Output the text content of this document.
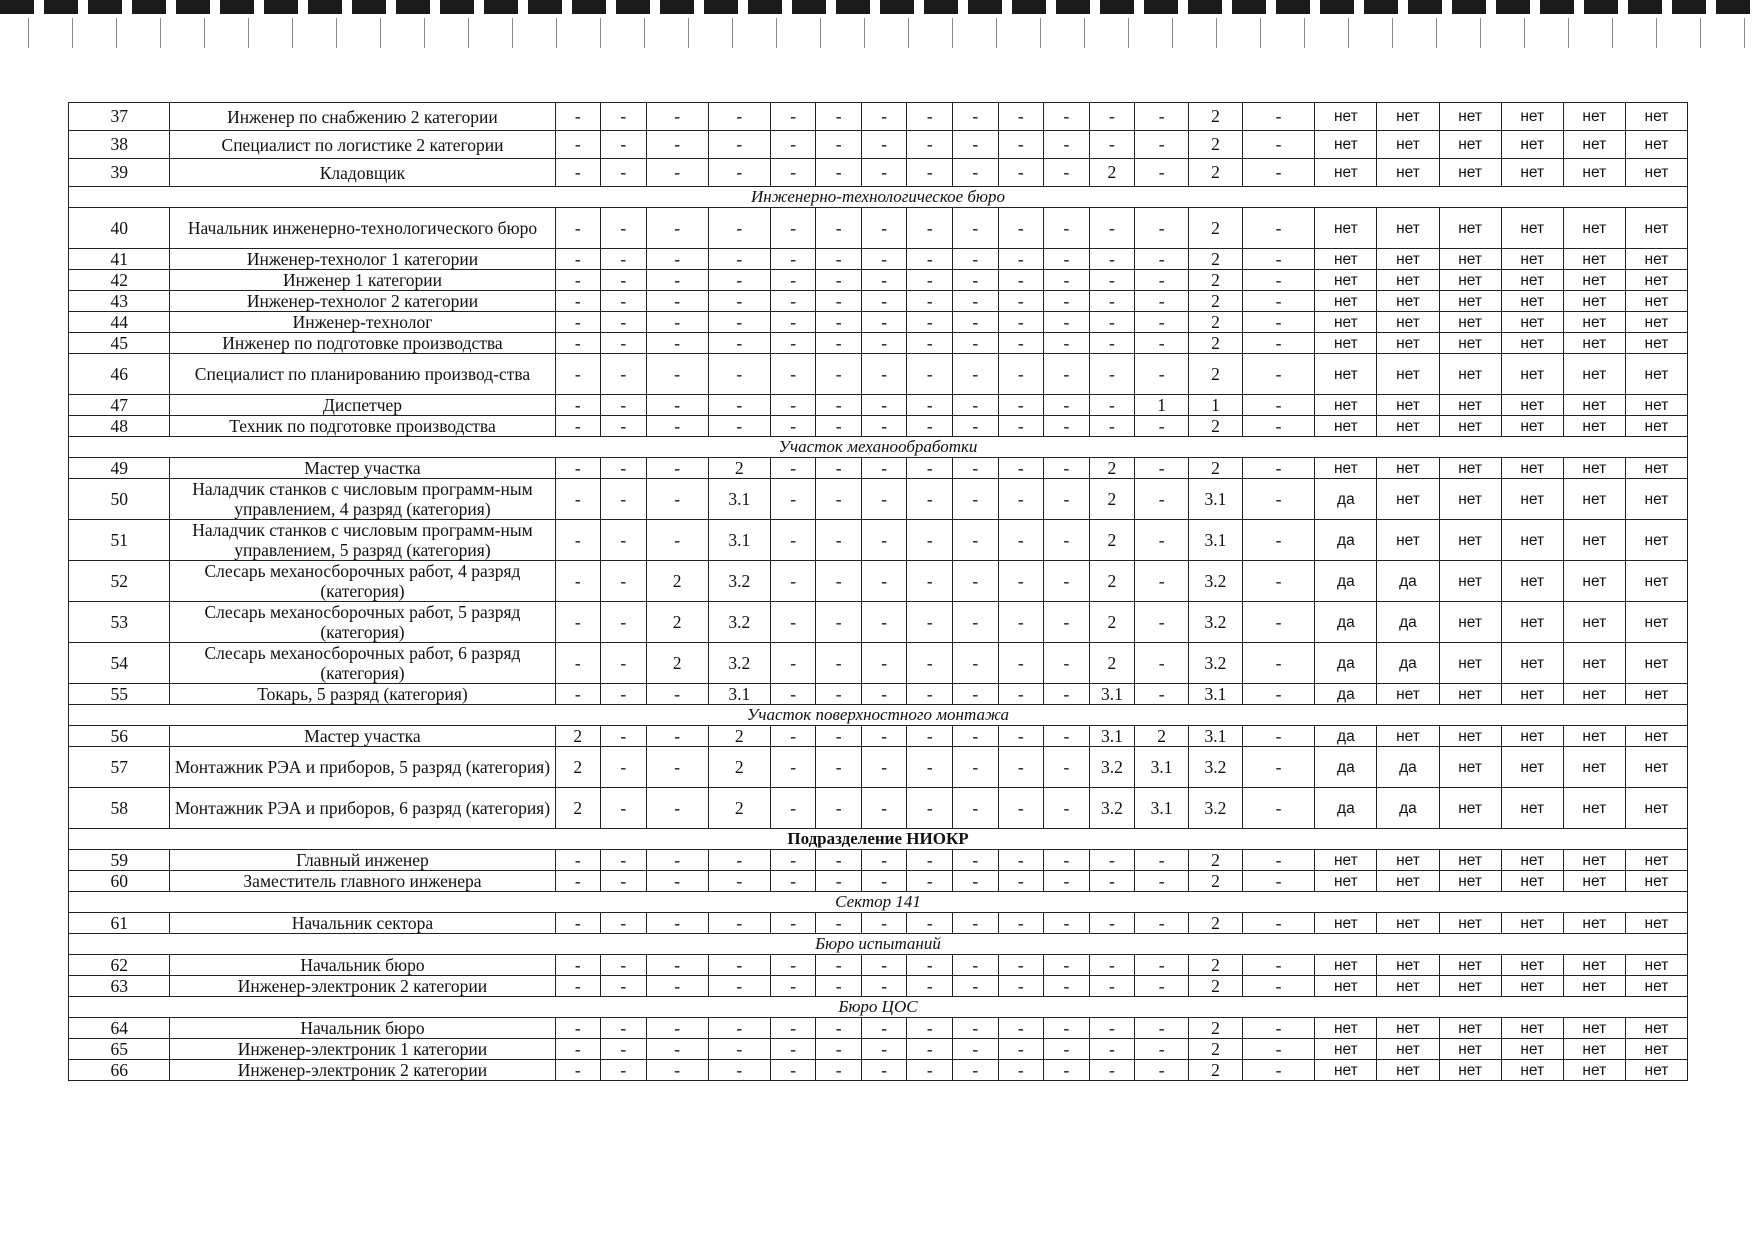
37	Инженер по снабжению 2 категории	-	-	-	-	-	-	-	-	-	-	-	-	-	2	-	нет	нет	нет	нет	нет	нет
38	Специалист по логистике 2 категории	-	-	-	-	-	-	-	-	-	-	-	-	-	2	-	нет	нет	нет	нет	нет	нет
39	Кладовщик	-	-	-	-	-	-	-	-	-	-	-	2	-	2	-	нет	нет	нет	нет	нет	нет
Инженерно-технологическое бюро																						
40	Начальник инженерно-технологического бюро	-	-	-	-	-	-	-	-	-	-	-	-	-	2	-	нет	нет	нет	нет	нет	нет
41	Инженер-технолог 1 категории	-	-	-	-	-	-	-	-	-	-	-	-	-	2	-	нет	нет	нет	нет	нет	нет
42	Инженер 1 категории	-	-	-	-	-	-	-	-	-	-	-	-	-	2	-	нет	нет	нет	нет	нет	нет
43	Инженер-технолог 2 категории	-	-	-	-	-	-	-	-	-	-	-	-	-	2	-	нет	нет	нет	нет	нет	нет
44	Инженер-технолог	-	-	-	-	-	-	-	-	-	-	-	-	-	2	-	нет	нет	нет	нет	нет	нет
45	Инженер по подготовке производства	-	-	-	-	-	-	-	-	-	-	-	-	-	2	-	нет	нет	нет	нет	нет	нет
46	Специалист по планированию производ-ства	-	-	-	-	-	-	-	-	-	-	-	-	-	2	-	нет	нет	нет	нет	нет	нет
47	Диспетчер	-	-	-	-	-	-	-	-	-	-	-	-	1	1	-	нет	нет	нет	нет	нет	нет
48	Техник по подготовке производства	-	-	-	-	-	-	-	-	-	-	-	-	-	2	-	нет	нет	нет	нет	нет	нет
Участок механообработки																						
49	Мастер участка	-	-	-	2	-	-	-	-	-	-	-	2	-	2	-	нет	нет	нет	нет	нет	нет
50	Наладчик станков с числовым программ-ным управлением, 4 разряд (категория)	-	-	-	3.1	-	-	-	-	-	-	-	2	-	3.1	-	да	нет	нет	нет	нет	нет
51	Наладчик станков с числовым программ-ным управлением, 5 разряд (категория)	-	-	-	3.1	-	-	-	-	-	-	-	2	-	3.1	-	да	нет	нет	нет	нет	нет
52	Слесарь механосборочных работ, 4 разряд (категория)	-	-	2	3.2	-	-	-	-	-	-	-	2	-	3.2	-	да	да	нет	нет	нет	нет
53	Слесарь механосборочных работ, 5 разряд (категория)	-	-	2	3.2	-	-	-	-	-	-	-	2	-	3.2	-	да	да	нет	нет	нет	нет
54	Слесарь механосборочных работ, 6 разряд (категория)	-	-	2	3.2	-	-	-	-	-	-	-	2	-	3.2	-	да	да	нет	нет	нет	нет
55	Токарь, 5 разряд (категория)	-	-	-	3.1	-	-	-	-	-	-	-	3.1	-	3.1	-	да	нет	нет	нет	нет	нет
Участок поверхностного монтажа																						
56	Мастер участка	2	-	-	2	-	-	-	-	-	-	-	3.1	2	3.1	-	да	нет	нет	нет	нет	нет
57	Монтажник РЭА и приборов, 5 разряд (категория)	2	-	-	2	-	-	-	-	-	-	-	3.2	3.1	3.2	-	да	да	нет	нет	нет	нет
58	Монтажник РЭА и приборов, 6 разряд (категория)	2	-	-	2	-	-	-	-	-	-	-	3.2	3.1	3.2	-	да	да	нет	нет	нет	нет
Подразделение НИОКР																						
59	Главный инженер	-	-	-	-	-	-	-	-	-	-	-	-	-	2	-	нет	нет	нет	нет	нет	нет
60	Заместитель главного инженера	-	-	-	-	-	-	-	-	-	-	-	-	-	2	-	нет	нет	нет	нет	нет	нет
Сектор 141																						
61	Начальник сектора	-	-	-	-	-	-	-	-	-	-	-	-	-	2	-	нет	нет	нет	нет	нет	нет
Бюро испытаний																						
62	Начальник бюро	-	-	-	-	-	-	-	-	-	-	-	-	-	2	-	нет	нет	нет	нет	нет	нет
63	Инженер-электроник 2 категории	-	-	-	-	-	-	-	-	-	-	-	-	-	2	-	нет	нет	нет	нет	нет	нет
Бюро ЦОС																						
64	Начальник бюро	-	-	-	-	-	-	-	-	-	-	-	-	-	2	-	нет	нет	нет	нет	нет	нет
65	Инженер-электроник 1 категории	-	-	-	-	-	-	-	-	-	-	-	-	-	2	-	нет	нет	нет	нет	нет	нет
66	Инженер-электроник 2 категории	-	-	-	-	-	-	-	-	-	-	-	-	-	2	-	нет	нет	нет	нет	нет	нет
